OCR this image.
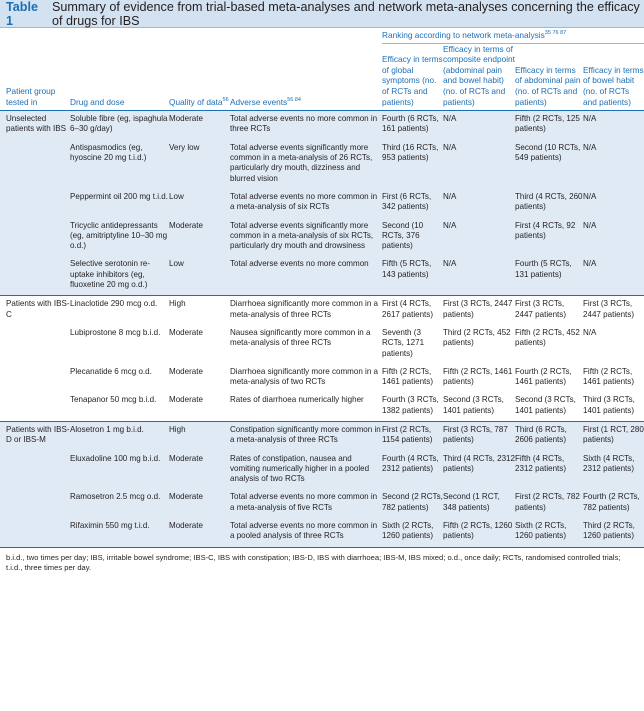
Table 1
Summary of evidence from trial-based meta-analyses and network meta-analyses concerning the efficacy of drugs for IBS
				Ranking according to network meta-analysis$^{35 76 87}$
Patient group tested in	Drug and dose	Quality of data$^{56}$	Adverse events$^{56 84}$	Efficacy in terms of global symptoms (no. of RCTs and patients)	Efficacy in terms of composite endpoint (abdominal pain and bowel habit) (no. of RCTs and patients)	Efficacy in terms of abdominal pain (no. of RCTs and patients)	Efficacy in terms of bowel habit (no. of RCTs and patients)
Unselected patients with IBS	Soluble fibre (eg, ispaghula 6–30 g/day)	Moderate	Total adverse events no more common in three RCTs	Fourth (6 RCTs, 161 patients)	N/A	Fifth (2 RCTs, 125 patients)	N/A
	Antispasmodics (eg, hyoscine 20 mg t.i.d.)	Very low	Total adverse events significantly more common in a meta-analysis of 26 RCTs, particularly dry mouth, dizziness and blurred vision	Third (16 RCTs, 953 patients)	N/A	Second (10 RCTs, 549 patients)	N/A
	Peppermint oil 200 mg t.i.d.	Low	Total adverse events no more common in a meta-analysis of six RCTs	First (6 RCTs, 342 patients)	N/A	Third (4 RCTs, 260 patients)	N/A
	Tricyclic antidepressants (eg, amitriptyline 10–30 mg o.d.)	Moderate	Total adverse events significantly more common in a meta-analysis of six RCTs, particularly dry mouth and drowsiness	Second (10 RCTs, 376 patients)	N/A	First (4 RCTs, 92 patients)	N/A
	Selective serotonin re-uptake inhibitors (eg, fluoxetine 20 mg o.d.)	Low	Total adverse events no more common	Fifth (5 RCTs, 143 patients)	N/A	Fourth (5 RCTs, 131 patients)	N/A
Patients with IBS-C	Linaclotide 290 mcg o.d.	High	Diarrhoea significantly more common in a meta-analysis of three RCTs	First (4 RCTs, 2617 patients)	First (3 RCTs, 2447 patients)	First (3 RCTs, 2447 patients)	First (3 RCTs, 2447 patients)
	Lubiprostone 8 mcg b.i.d.	Moderate	Nausea significantly more common in a meta-analysis of three RCTs	Seventh (3 RCTs, 1271 patients)	Third (2 RCTs, 452 patients)	Fifth (2 RCTs, 452 patients)	N/A
	Plecanatide 6 mcg o.d.	Moderate	Diarrhoea significantly more common in a meta-analysis of two RCTs	Fifth (2 RCTs, 1461 patients)	Fifth (2 RCTs, 1461 patients)	Fourth (2 RCTs, 1461 patients)	Fifth (2 RCTs, 1461 patients)
	Tenapanor 50 mcg b.i.d.	Moderate	Rates of diarrhoea numerically higher	Fourth (3 RCTs, 1382 patients)	Second (3 RCTs, 1401 patients)	Second (3 RCTs, 1401 patients)	Third (3 RCTs, 1401 patients)
Patients with IBS-D or IBS-M	Alosetron 1 mg b.i.d.	High	Constipation significantly more common in a meta-analysis of three RCTs	First (2 RCTs, 1154 patients)	First (3 RCTs, 787 patients)	Third (6 RCTs, 2606 patients)	First (1 RCT, 280 patients)
	Eluxadoline 100 mg b.i.d.	Moderate	Rates of constipation, nausea and vomiting numerically higher in a pooled analysis of two RCTs	Fourth (4 RCTs, 2312 patients)	Third (4 RCTs, 2312 patients)	Fifth (4 RCTs, 2312 patients)	Sixth (4 RCTs, 2312 patients)
	Ramosetron 2.5 mcg o.d.	Moderate	Total adverse events no more common in a meta-analysis of five RCTs	Second (2 RCTs, 782 patients)	Second (1 RCT, 348 patients)	First (2 RCTs, 782 patients)	Fourth (2 RCTs, 782 patients)
	Rifaximin 550 mg t.i.d.	Moderate	Total adverse events no more common in a pooled analysis of three RCTs	Sixth (2 RCTs, 1260 patients)	Fifth (2 RCTs, 1260 patients)	Sixth (2 RCTs, 1260 patients)	Third (2 RCTs, 1260 patients)
b.i.d., two times per day; IBS, irritable bowel syndrome; IBS-C, IBS with constipation; IBS-D, IBS with diarrhoea; IBS-M, IBS mixed; o.d., once daily; RCTs, randomised controlled trials; t.i.d., three times per day.
